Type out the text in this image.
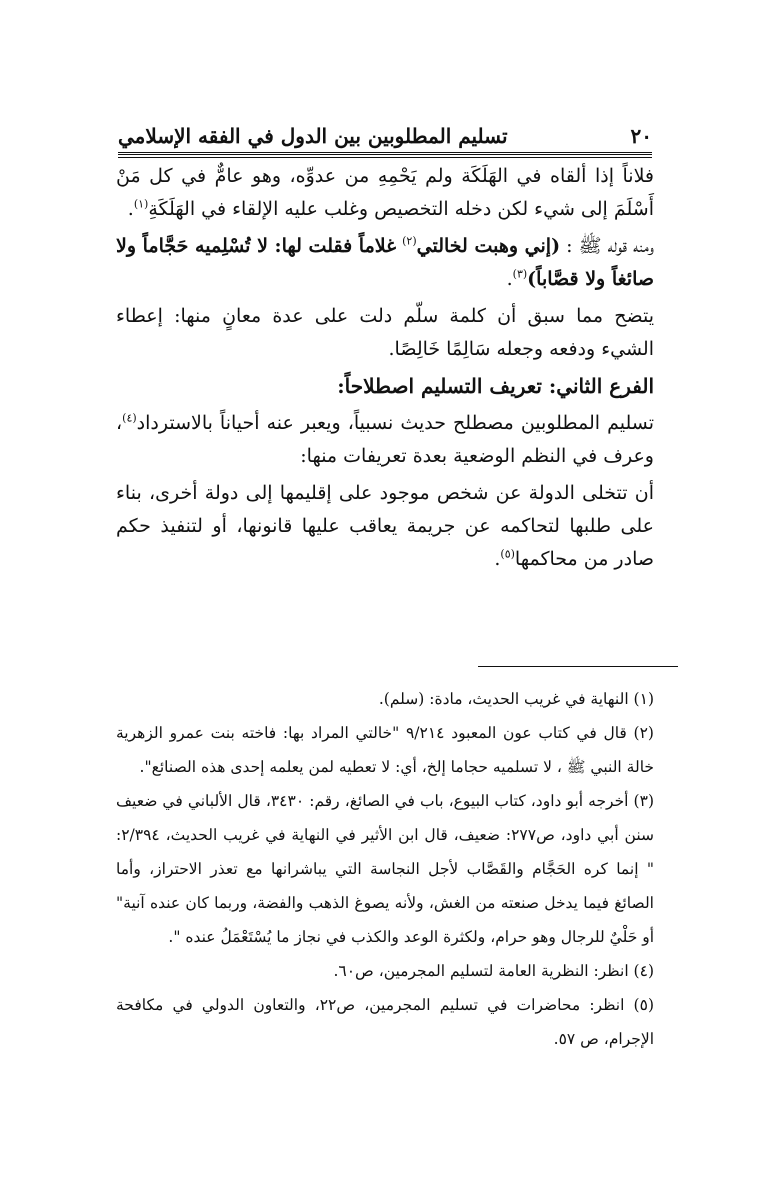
٢٠
تسليم المطلوبين بين الدول في الفقه الإسلامي

فلاناً إذا ألقاه في الهَلَكَة ولم يَحْمِهِ من عدوِّه، وهو عامٌّ في كل مَنْ أَسْلَمَ إلى شيء لكن دخله التخصيص وغلب عليه الإلقاء في الهَلَكَةِ$^{(١)}$.

ومنه قوله ﷺ : (إني وهبت لخالتي$^{(٢)}$ غلاماً فقلت لها: لا تُسْلِميه حَجَّاماً ولا صائغاً ولا قصَّاباً)$^{(٣)}$.

يتضح مما سبق أن كلمة سلّم دلت على عدة معانٍ منها: إعطاء الشيء ودفعه وجعله سَالِمًا خَالِصًا.

الفرع الثاني: تعريف التسليم اصطلاحاً:

تسليم المطلوبين مصطلح حديث نسبياً، ويعبر عنه أحياناً بالاسترداد$^{(٤)}$، وعرف في النظم الوضعية بعدة تعريفات منها:

أن تتخلى الدولة عن شخص موجود على إقليمها إلى دولة أخرى، بناء على طلبها لتحاكمه عن جريمة يعاقب عليها قانونها، أو لتنفيذ حكم صادر من محاكمها$^{(٥)}$.

(١) النهاية في غريب الحديث، مادة: (سلم).

(٢) قال في كتاب عون المعبود ٩/٢١٤ "خالتي المراد بها: فاخته بنت عمرو الزهرية خالة النبي ﷺ ، لا تسلميه حجاما إلخ، أي: لا تعطيه لمن يعلمه إحدى هذه الصنائع".

(٣) أخرجه أبو داود، كتاب البيوع، باب في الصائغ، رقم: ٣٤٣٠، قال الألباني في ضعيف سنن أبي داود، ص٢٧٧: ضعيف، قال ابن الأثير في النهاية في غريب الحديث، ٢/٣٩٤: " إنما كره الحَجَّام والقَصَّاب لأجل النجاسة التي يباشرانها مع تعذر الاحتراز، وأما الصائغ فيما يدخل صنعته من الغش، ولأنه يصوغ الذهب والفضة، وربما كان عنده آنية" أو حَلْيٌ للرجال وهو حرام، ولكثرة الوعد والكذب في نجاز ما يُسْتَعْمَلُ عنده ".

(٤) انظر: النظرية العامة لتسليم المجرمين، ص٦٠.

(٥) انظر: محاضرات في تسليم المجرمين، ص٢٢، والتعاون الدولي في مكافحة الإجرام، ص ٥٧.
